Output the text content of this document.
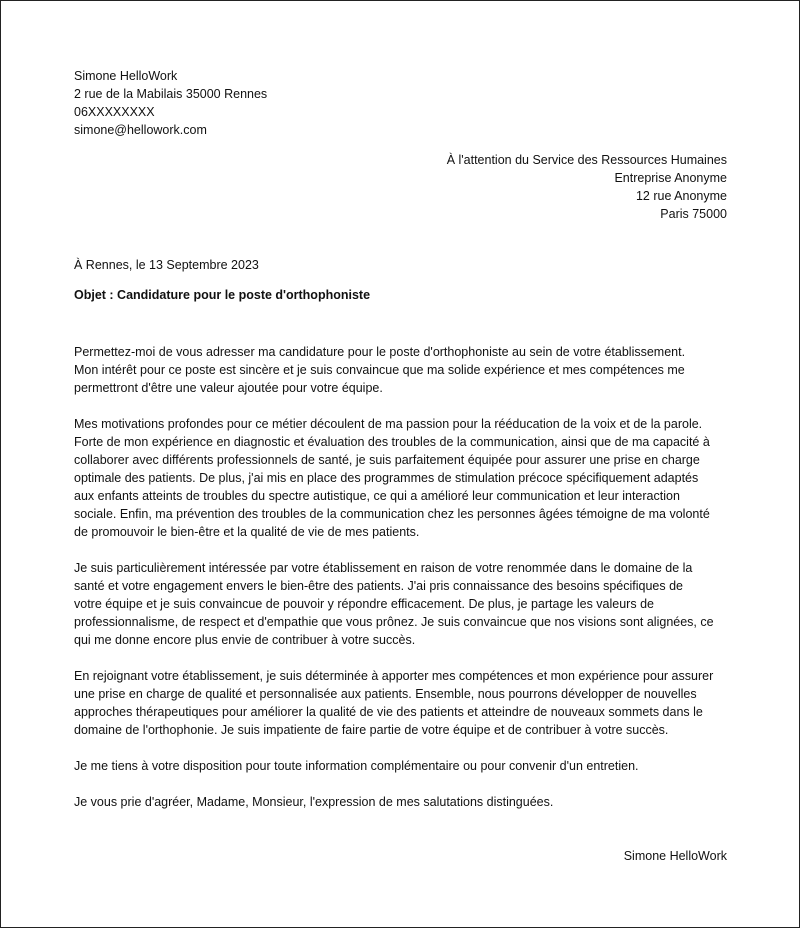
Simone HelloWork
2 rue de la Mabilais 35000 Rennes
06XXXXXXXX
simone@hellowork.com
À l'attention du Service des Ressources Humaines
Entreprise Anonyme
12 rue Anonyme
Paris 75000
À Rennes, le 13 Septembre 2023
Objet : Candidature pour le poste d'orthophoniste

Permettez-moi de vous adresser ma candidature pour le poste d'orthophoniste au sein de votre établissement.
Mon intérêt pour ce poste est sincère et je suis convaincue que ma solide expérience et mes compétences me
permettront d'être une valeur ajoutée pour votre équipe.

Mes motivations profondes pour ce métier découlent de ma passion pour la rééducation de la voix et de la parole.
Forte de mon expérience en diagnostic et évaluation des troubles de la communication, ainsi que de ma capacité à
collaborer avec différents professionnels de santé, je suis parfaitement équipée pour assurer une prise en charge
optimale des patients. De plus, j'ai mis en place des programmes de stimulation précoce spécifiquement adaptés
aux enfants atteints de troubles du spectre autistique, ce qui a amélioré leur communication et leur interaction
sociale. Enfin, ma prévention des troubles de la communication chez les personnes âgées témoigne de ma volonté
de promouvoir le bien-être et la qualité de vie de mes patients.

Je suis particulièrement intéressée par votre établissement en raison de votre renommée dans le domaine de la
santé et votre engagement envers le bien-être des patients. J'ai pris connaissance des besoins spécifiques de
votre équipe et je suis convaincue de pouvoir y répondre efficacement. De plus, je partage les valeurs de
professionnalisme, de respect et d'empathie que vous prônez. Je suis convaincue que nos visions sont alignées, ce
qui me donne encore plus envie de contribuer à votre succès.

En rejoignant votre établissement, je suis déterminée à apporter mes compétences et mon expérience pour assurer
une prise en charge de qualité et personnalisée aux patients. Ensemble, nous pourrons développer de nouvelles
approches thérapeutiques pour améliorer la qualité de vie des patients et atteindre de nouveaux sommets dans le
domaine de l'orthophonie. Je suis impatiente de faire partie de votre équipe et de contribuer à votre succès.

Je me tiens à votre disposition pour toute information complémentaire ou pour convenir d'un entretien.

Je vous prie d'agréer, Madame, Monsieur, l'expression de mes salutations distinguées.

Simone HelloWork
